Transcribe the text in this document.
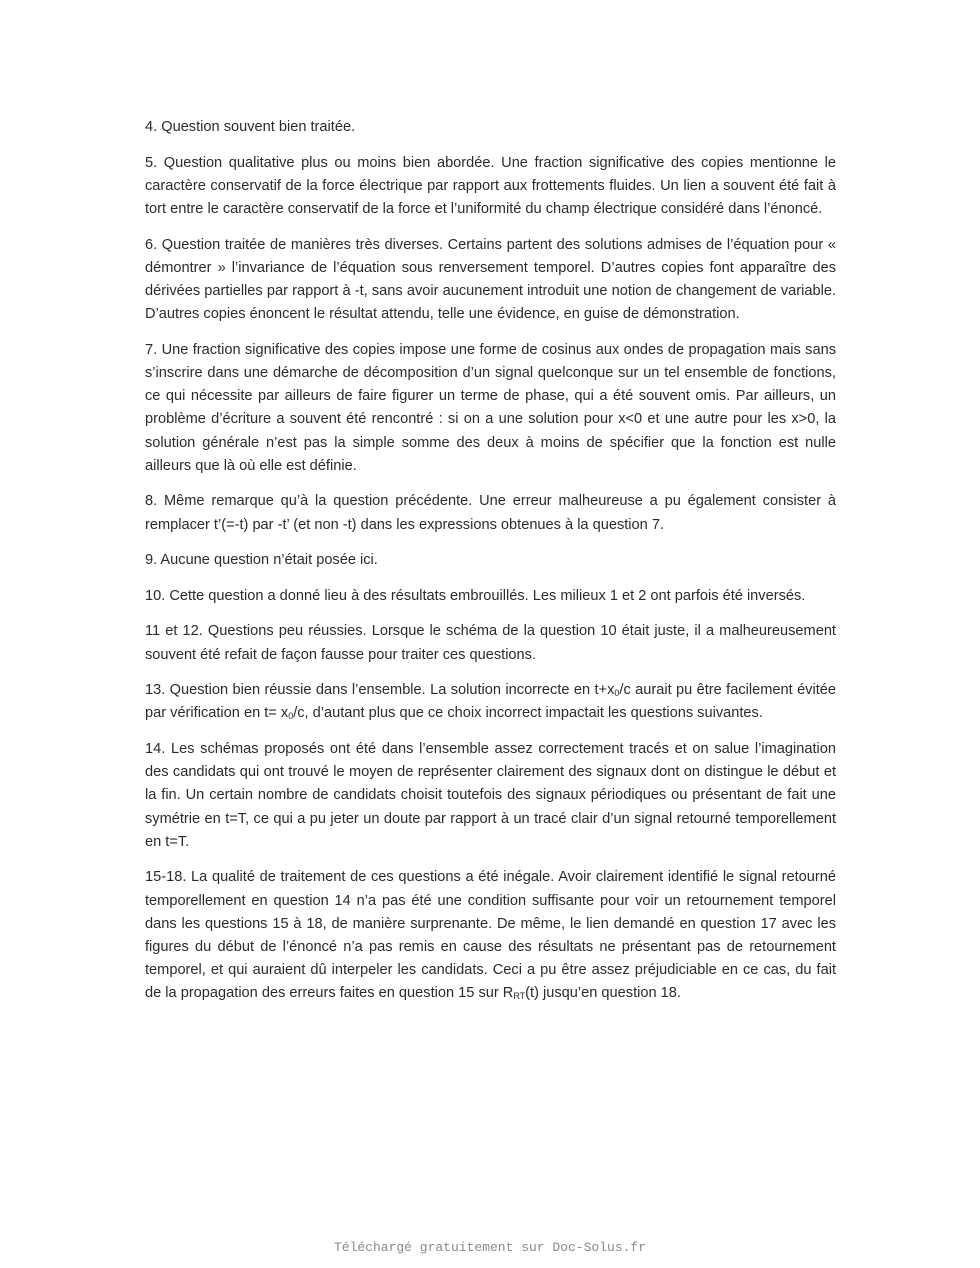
4. Question souvent bien traitée.

5. Question qualitative plus ou moins bien abordée. Une fraction significative des copies mentionne le caractère conservatif de la force électrique par rapport aux frottements fluides. Un lien a souvent été fait à tort entre le caractère conservatif de la force et l’uniformité du champ électrique considéré dans l’énoncé.

6. Question traitée de manières très diverses. Certains partent des solutions admises de l’équation pour « démontrer » l’invariance de l’équation sous renversement temporel. D’autres copies font apparaître des dérivées partielles par rapport à -t, sans avoir aucunement introduit une notion de changement de variable. D’autres copies énoncent le résultat attendu, telle une évidence, en guise de démonstration.

7. Une fraction significative des copies impose une forme de cosinus aux ondes de propagation mais sans s’inscrire dans une démarche de décomposition d’un signal quelconque sur un tel ensemble de fonctions, ce qui nécessite par ailleurs de faire figurer un terme de phase, qui a été souvent omis. Par ailleurs, un problème d’écriture a souvent été rencontré : si on a une solution pour x<0 et une autre pour les x>0, la solution générale n’est pas la simple somme des deux à moins de spécifier que la fonction est nulle ailleurs que là où elle est définie.

8. Même remarque qu’à la question précédente. Une erreur malheureuse a pu également consister à remplacer t’(=-t) par -t’ (et non -t) dans les expressions obtenues à la question 7.

9. Aucune question n’était posée ici.

10. Cette question a donné lieu à des résultats embrouillés. Les milieux 1 et 2 ont parfois été inversés.

11 et 12. Questions peu réussies. Lorsque le schéma de la question 10 était juste, il a malheureusement souvent été refait de façon fausse pour traiter ces questions.

13. Question bien réussie dans l’ensemble. La solution incorrecte en $t+x_0/c$ aurait pu être facilement évitée par vérification en $t= x_0/c$, d’autant plus que ce choix incorrect impactait les questions suivantes.

14. Les schémas proposés ont été dans l’ensemble assez correctement tracés et on salue l’imagination des candidats qui ont trouvé le moyen de représenter clairement des signaux dont on distingue le début et la fin. Un certain nombre de candidats choisit toutefois des signaux périodiques ou présentant de fait une symétrie en t=T, ce qui a pu jeter un doute par rapport à un tracé clair d’un signal retourné temporellement en t=T.

15-18. La qualité de traitement de ces questions a été inégale. Avoir clairement identifié le signal retourné temporellement en question 14 n’a pas été une condition suffisante pour voir un retournement temporel dans les questions 15 à 18, de manière surprenante. De même, le lien demandé en question 17 avec les figures du début de l’énoncé n’a pas remis en cause des résultats ne présentant pas de retournement temporel, et qui auraient dû interpeler les candidats. Ceci a pu être assez préjudiciable en ce cas, du fait de la propagation des erreurs faites en question 15 sur $R_{RT}(t)$ jusqu’en question 18.

Téléchargé gratuitement sur Doc-Solus.fr
